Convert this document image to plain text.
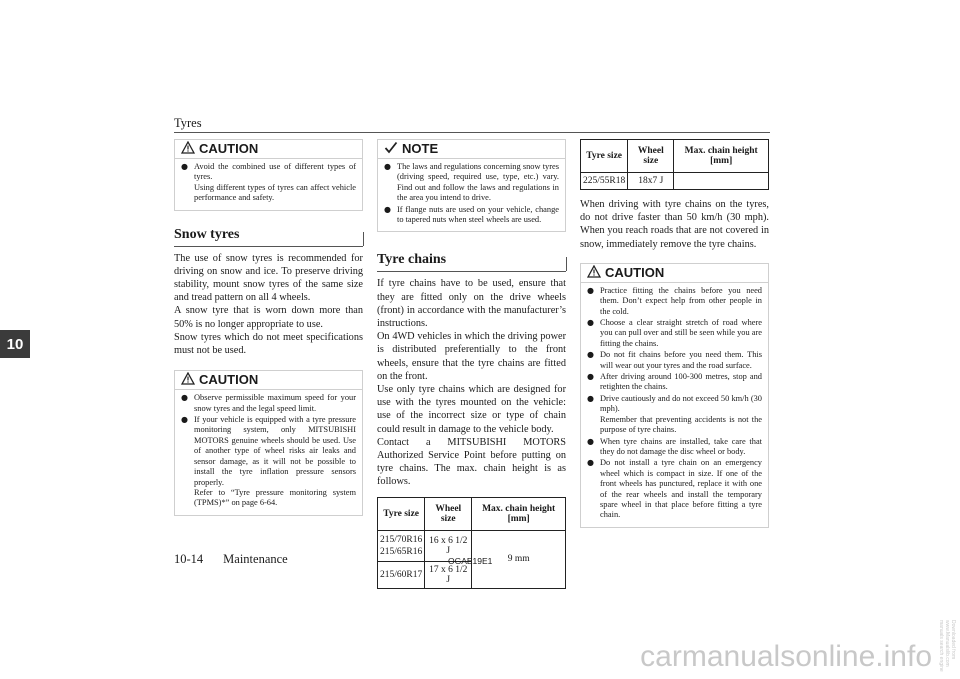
Tyres
10
CAUTION
● Avoid the combined use of different types of tyres.

Using different types of tyres can affect vehicle performance and safety.

Snow tyres

The use of snow tyres is recommended for driving on snow and ice. To preserve driving stability, mount snow tyres of the same size and tread pattern on all 4 wheels.

A snow tyre that is worn down more than 50% is no longer appropriate to use.

Snow tyres which do not meet specifications must not be used.

CAUTION
● Observe permissible maximum speed for your snow tyres and the legal speed limit.

● If your vehicle is equipped with a tyre pressure monitoring system, only MITSUBISHI MOTORS genuine wheels should be used. Use of another type of wheel risks air leaks and sensor damage, as it will not be possible to install the tyre inflation pressure sensors properly.

Refer to “Tyre pressure monitoring system (TPMS)*” on page 6-64.

NOTE
● The laws and regulations concerning snow tyres (driving speed, required use, type, etc.) vary. Find out and follow the laws and regulations in the area you intend to drive.

● If flange nuts are used on your vehicle, change to tapered nuts when steel wheels are used.

Tyre chains

If tyre chains have to be used, ensure that they are fitted only on the drive wheels (front) in accordance with the manufacturer’s instructions.

On 4WD vehicles in which the driving power is distributed preferentially to the front wheels, ensure that the tyre chains are fitted on the front.

Use only tyre chains which are designed for use with the tyres mounted on the vehicle: use of the incorrect size or type of chain could result in damage to the vehicle body.

Contact a MITSUBISHI MOTORS Authorized Service Point before putting on tyre chains. The max. chain height is as follows.

Tyre size	Wheel size	Max. chain height [mm]
215/70R16
215/65R16	16 x 6 1/2 J	9 mm
215/60R17	17 x 6 1/2 J	
Tyre size	Wheel size	Max. chain height [mm]
225/55R18	18x7 J	

When driving with tyre chains on the tyres, do not drive faster than 50 km/h (30 mph). When you reach roads that are not covered in snow, immediately remove the tyre chains.

CAUTION
● Practice fitting the chains before you need them. Don’t expect help from other people in the cold.

● Choose a clear straight stretch of road where you can pull over and still be seen while you are fitting the chains.

● Do not fit chains before you need them. This will wear out your tyres and the road surface.

● After driving around 100-300 metres, stop and retighten the chains.

● Drive cautiously and do not exceed 50 km/h (30 mph).

Remember that preventing accidents is not the purpose of tyre chains.

● When tyre chains are installed, take care that they do not damage the disc wheel or body.

● Do not install a tyre chain on an emergency wheel which is compact in size. If one of the front wheels has punctured, replace it with one of the rear wheels and install the temporary spare wheel in that place before fitting a tyre chain.

10-14 Maintenance	OGAE19E1
carmanualsonline.info	Downloaded from www.Manualslib.com manuals search engine
